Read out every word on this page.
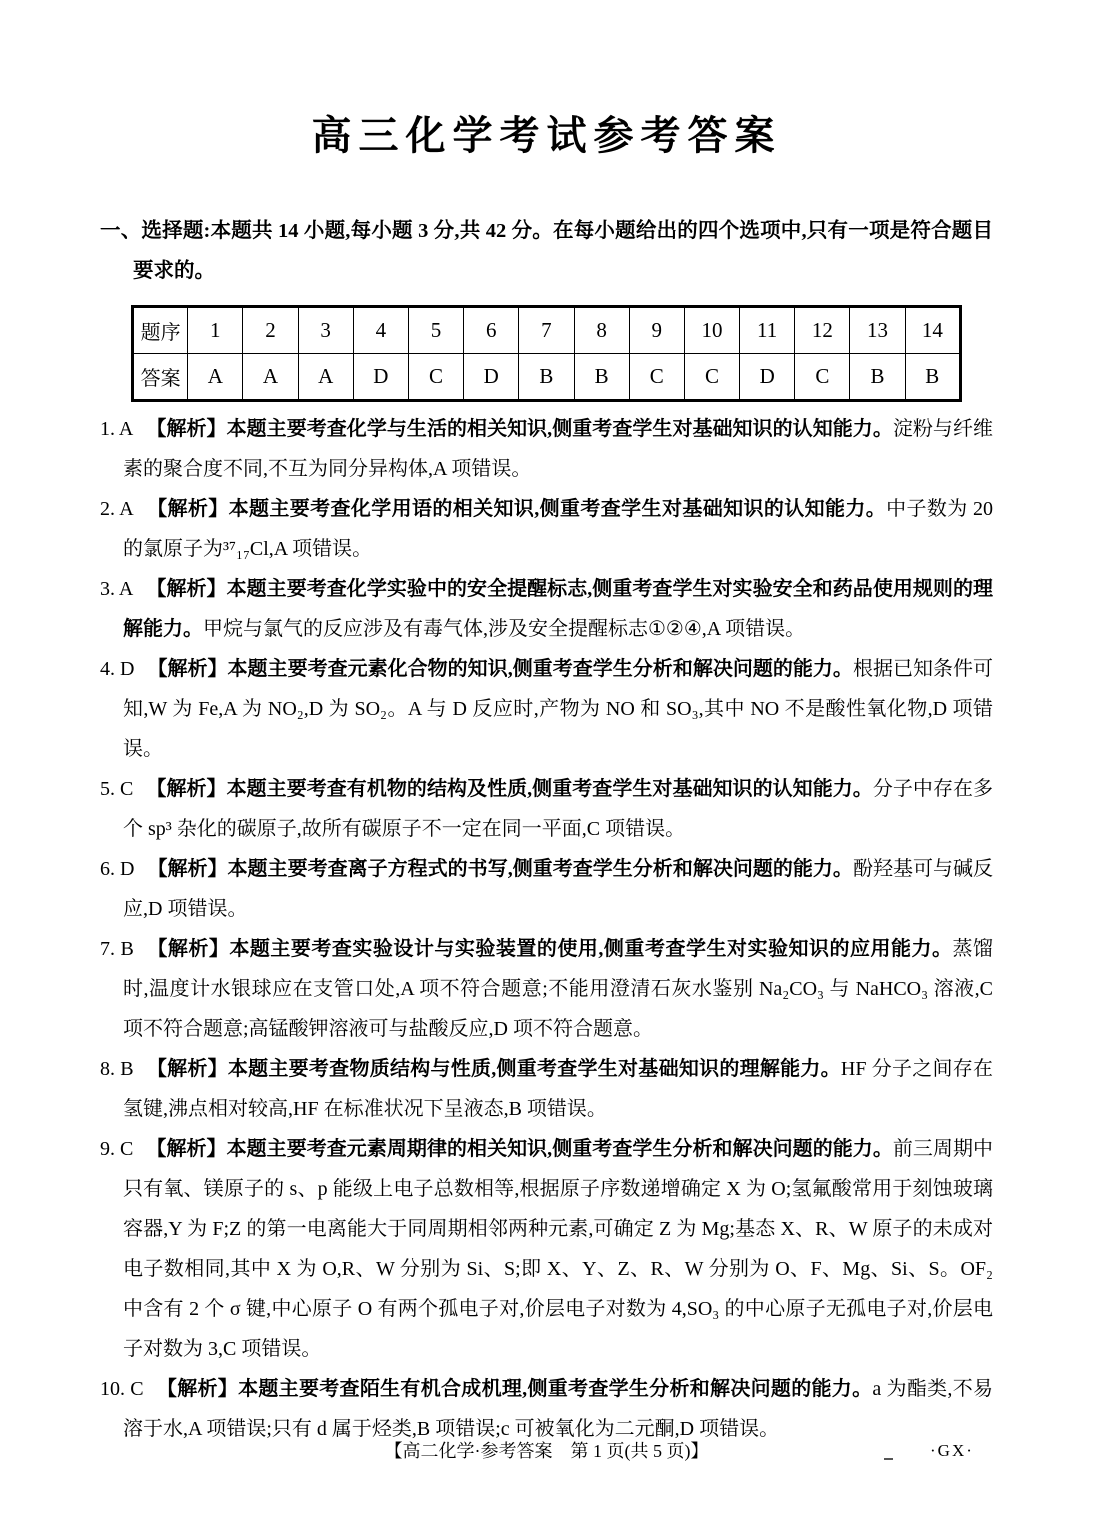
高三化学考试参考答案
一、选择题:本题共 14 小题,每小题 3 分,共 42 分。在每小题给出的四个选项中,只有一项是符合题目要求的。
题序	1	2	3	4	5	6	7	8	9	10	11	12	13	14
答案	A	A	A	D	C	D	B	B	C	C	D	C	B	B
1. A 【解析】本题主要考查化学与生活的相关知识,侧重考查学生对基础知识的认知能力。淀粉与纤维素的聚合度不同,不互为同分异构体,A 项错误。
2. A 【解析】本题主要考查化学用语的相关知识,侧重考查学生对基础知识的认知能力。中子数为 20 的氯原子为³⁷₁₇Cl,A 项错误。
3. A 【解析】本题主要考查化学实验中的安全提醒标志,侧重考查学生对实验安全和药品使用规则的理解能力。甲烷与氯气的反应涉及有毒气体,涉及安全提醒标志①②④,A 项错误。
4. D 【解析】本题主要考查元素化合物的知识,侧重考查学生分析和解决问题的能力。根据已知条件可知,W 为 Fe,A 为 NO₂,D 为 SO₂。A 与 D 反应时,产物为 NO 和 SO₃,其中 NO 不是酸性氧化物,D 项错误。
5. C 【解析】本题主要考查有机物的结构及性质,侧重考查学生对基础知识的认知能力。分子中存在多个 sp³ 杂化的碳原子,故所有碳原子不一定在同一平面,C 项错误。
6. D 【解析】本题主要考查离子方程式的书写,侧重考查学生分析和解决问题的能力。酚羟基可与碱反应,D 项错误。
7. B 【解析】本题主要考查实验设计与实验装置的使用,侧重考查学生对实验知识的应用能力。蒸馏时,温度计水银球应在支管口处,A 项不符合题意;不能用澄清石灰水鉴别 Na₂CO₃ 与 NaHCO₃ 溶液,C 项不符合题意;高锰酸钾溶液可与盐酸反应,D 项不符合题意。
8. B 【解析】本题主要考查物质结构与性质,侧重考查学生对基础知识的理解能力。HF 分子之间存在氢键,沸点相对较高,HF 在标准状况下呈液态,B 项错误。
9. C 【解析】本题主要考查元素周期律的相关知识,侧重考查学生分析和解决问题的能力。前三周期中只有氧、镁原子的 s、p 能级上电子总数相等,根据原子序数递增确定 X 为 O;氢氟酸常用于刻蚀玻璃容器,Y 为 F;Z 的第一电离能大于同周期相邻两种元素,可确定 Z 为 Mg;基态 X、R、W 原子的未成对电子数相同,其中 X 为 O,R、W 分别为 Si、S;即 X、Y、Z、R、W 分别为 O、F、Mg、Si、S。OF₂ 中含有 2 个 σ 键,中心原子 O 有两个孤电子对,价层电子对数为 4,SO₃ 的中心原子无孤电子对,价层电子对数为 3,C 项错误。
10. C 【解析】本题主要考查陌生有机合成机理,侧重考查学生分析和解决问题的能力。a 为酯类,不易溶于水,A 项错误;只有 d 属于烃类,B 项错误;c 可被氧化为二元酮,D 项错误。
【高二化学·参考答案　第 1 页(共 5 页)】	·GX·
